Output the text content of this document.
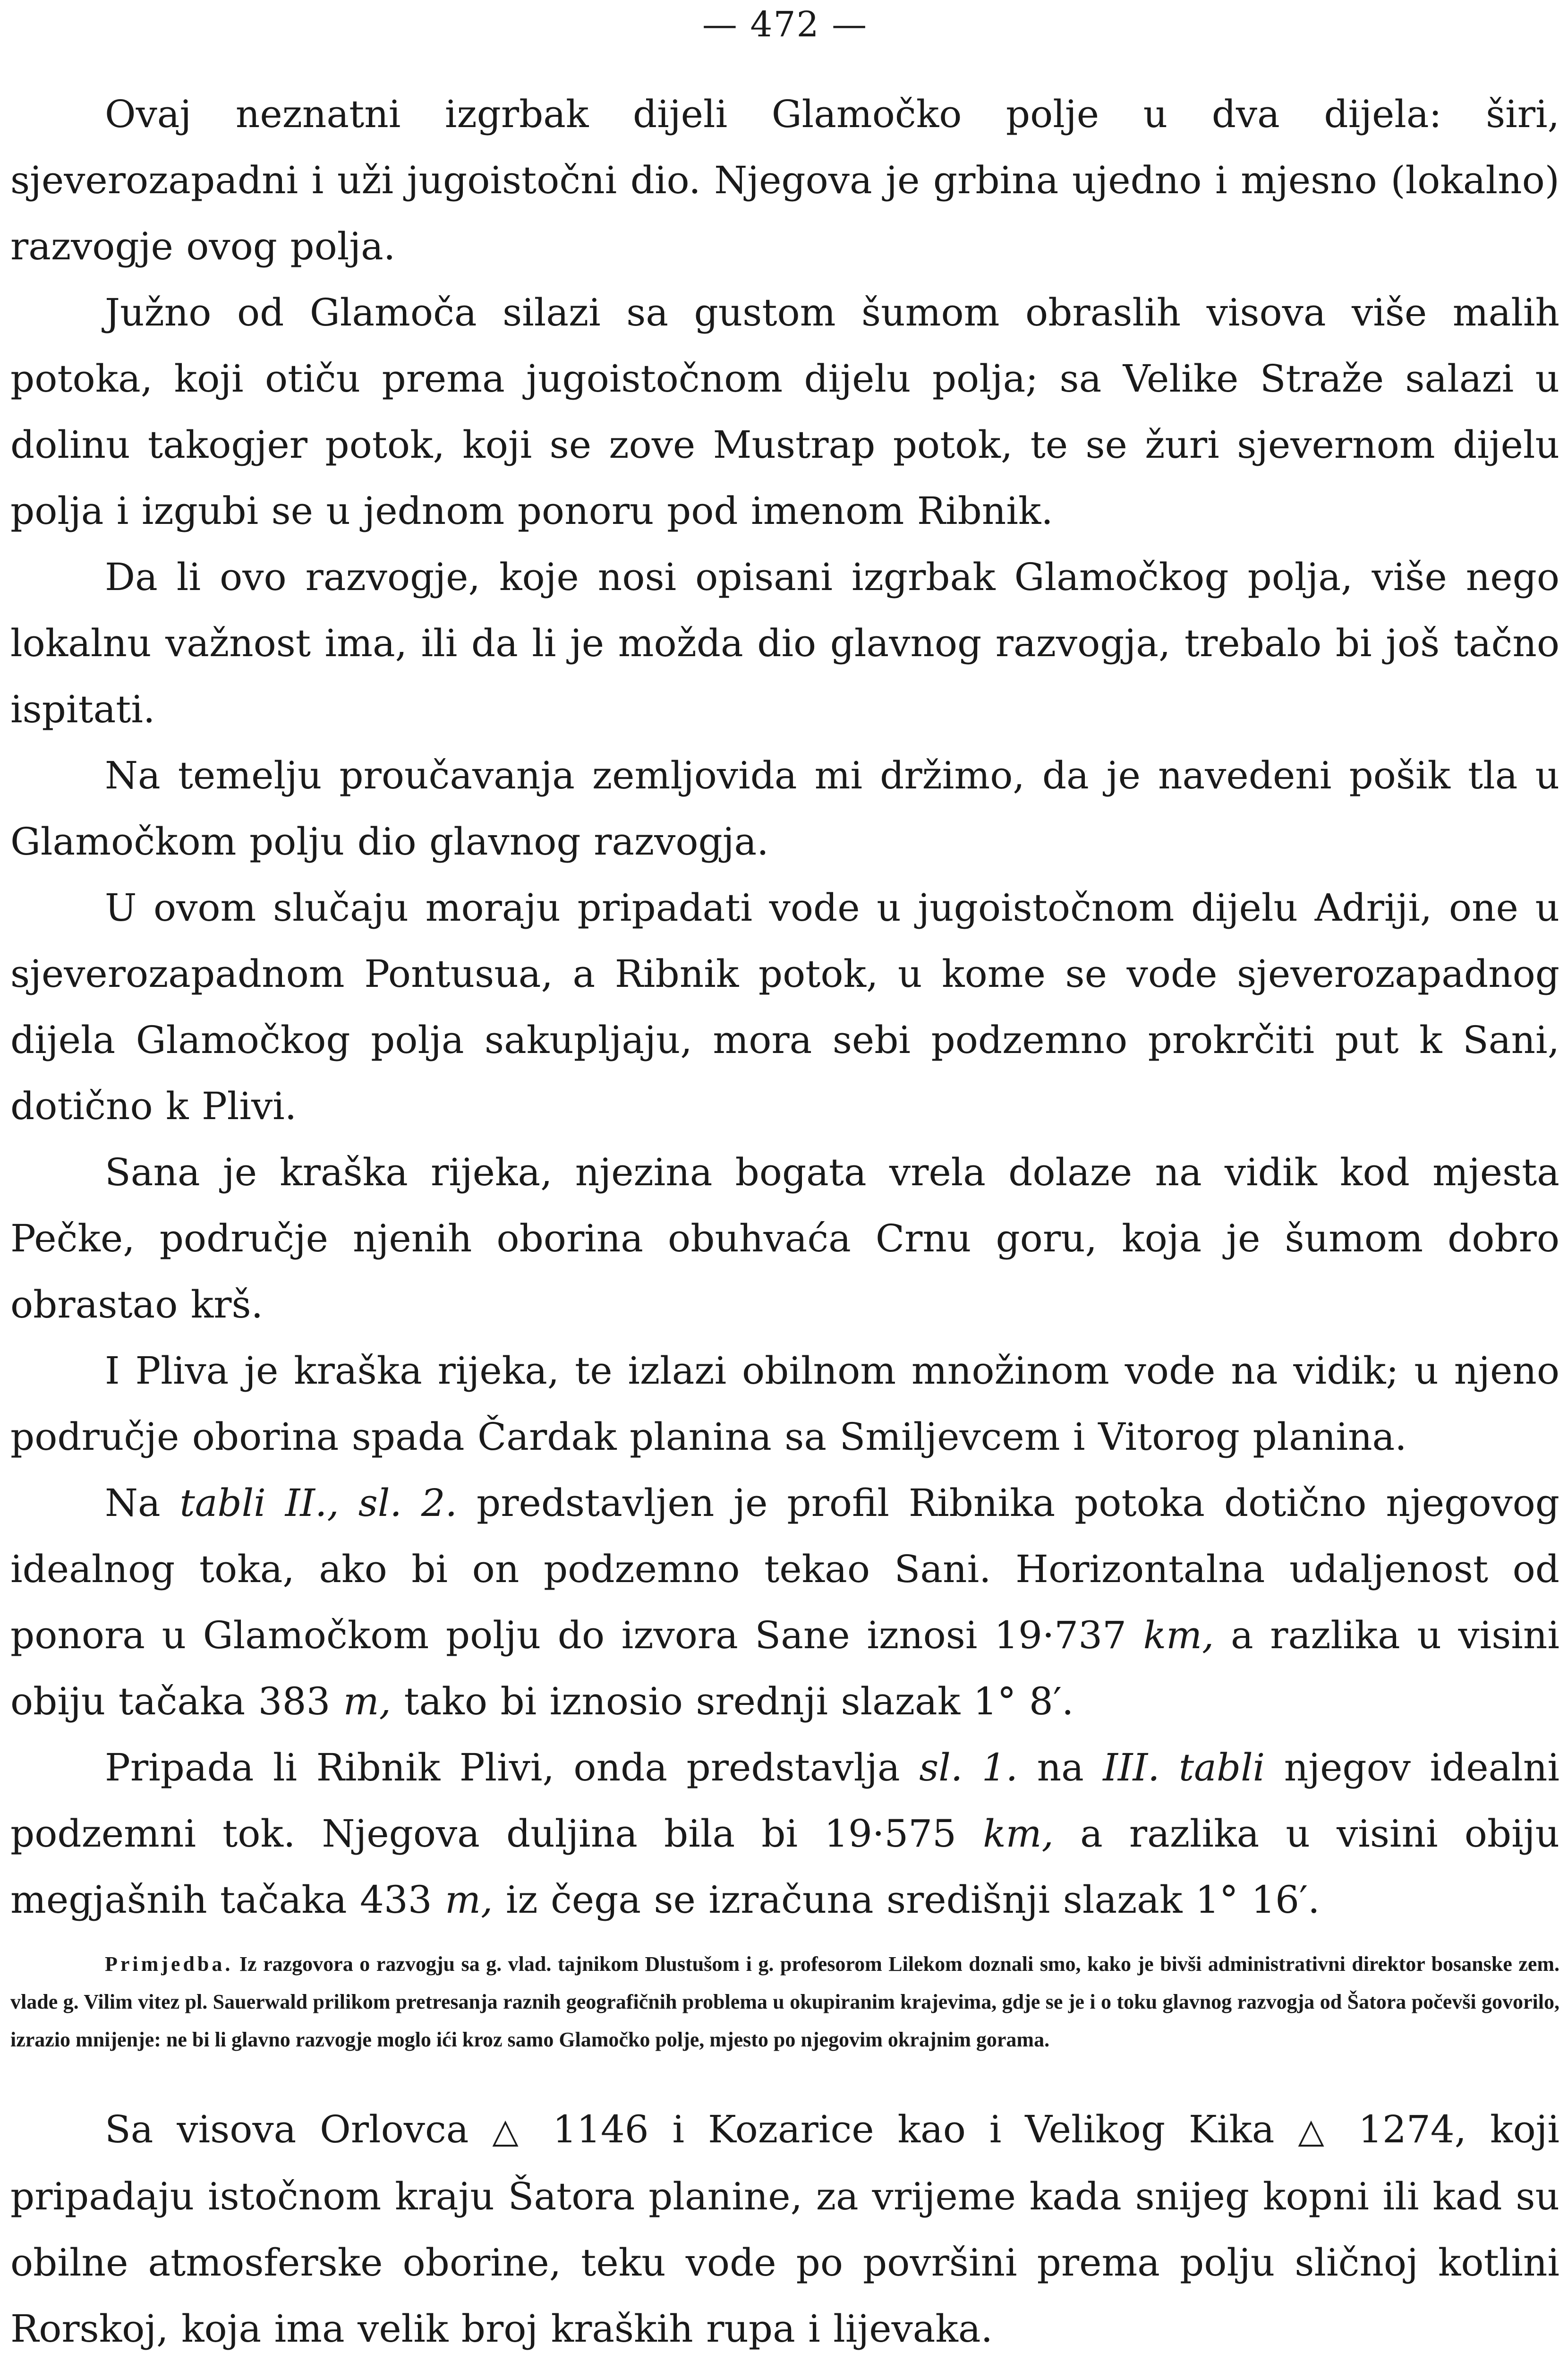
— 472 —

Ovaj neznatni izgrbak dijeli Glamočko polje u dva dijela: širi, sjeverozapadni i uži jugoistočni dio. Njegova je grbina ujedno i mjesno (lokalno) razvogje ovog polja.

Južno od Glamoča silazi sa gustom šumom obraslih visova više malih potoka, koji otiču prema jugoistočnom dijelu polja; sa Velike Straže salazi u dolinu takogjer potok, koji se zove Mustrap potok, te se žuri sjevernom dijelu polja i izgubi se u jednom ponoru pod imenom Ribnik.

Da li ovo razvogje, koje nosi opisani izgrbak Glamočkog polja, više nego lokalnu važnost ima, ili da li je možda dio glavnog razvogja, trebalo bi još tačno ispitati.

Na temelju proučavanja zemljovida mi držimo, da je navedeni pošik tla u Glamočkom polju dio glavnog razvogja.

U ovom slučaju moraju pripadati vode u jugoistočnom dijelu Adriji, one u sjeverozapadnom Pontusua, a Ribnik potok, u kome se vode sjeverozapadnog dijela Glamočkog polja sakupljaju, mora sebi podzemno prokrčiti put k Sani, dotično k Plivi.

Sana je kraška rijeka, njezina bogata vrela dolaze na vidik kod mjesta Pečke, područje njenih oborina obuhvaća Crnu goru, koja je šumom dobro obrastao krš.

I Pliva je kraška rijeka, te izlazi obilnom množinom vode na vidik; u njeno područje oborina spada Čardak planina sa Smiljevcem i Vitorog planina.

Na tabli II., sl. 2. predstavljen je profil Ribnika potoka dotično njegovog idealnog toka, ako bi on podzemno tekao Sani. Horizontalna udaljenost od ponora u Glamočkom polju do izvora Sane iznosi 19·737 km, a razlika u visini obiju tačaka 383 m, tako bi iznosio srednji slazak 1° 8′.

Pripada li Ribnik Plivi, onda predstavlja sl. 1. na III. tabli njegov idealni podzemni tok. Njegova duljina bila bi 19·575 km, a razlika u visini obiju megjašnih tačaka 433 m, iz čega se izračuna središnji slazak 1° 16′.

Primjedba. Iz razgovora o razvogju sa g. vlad. tajnikom Dlustušom i g. profesorom Lilekom doznali smo, kako je bivši administrativni direktor bosanske zem. vlade g. Vilim vitez pl. Sauerwald prilikom pretresanja raznih geografičnih problema u okupiranim krajevima, gdje se je i o toku glavnog razvogja od Šatora počevši govorilo, izrazio mnijenje: ne bi li glavno razvogje moglo ići kroz samo Glamočko polje, mjesto po njegovim okrajnim gorama.

Sa visova Orlovca △ 1146 i Kozarice kao i Velikog Kika △ 1274, koji pripadaju istočnom kraju Šatora planine, za vrijeme kada snijeg kopni ili kad su obilne atmosferske oborine, teku vode po površini prema polju sličnoj kotlini Rorskoj, koja ima velik broj kraških rupa i lijevaka.
